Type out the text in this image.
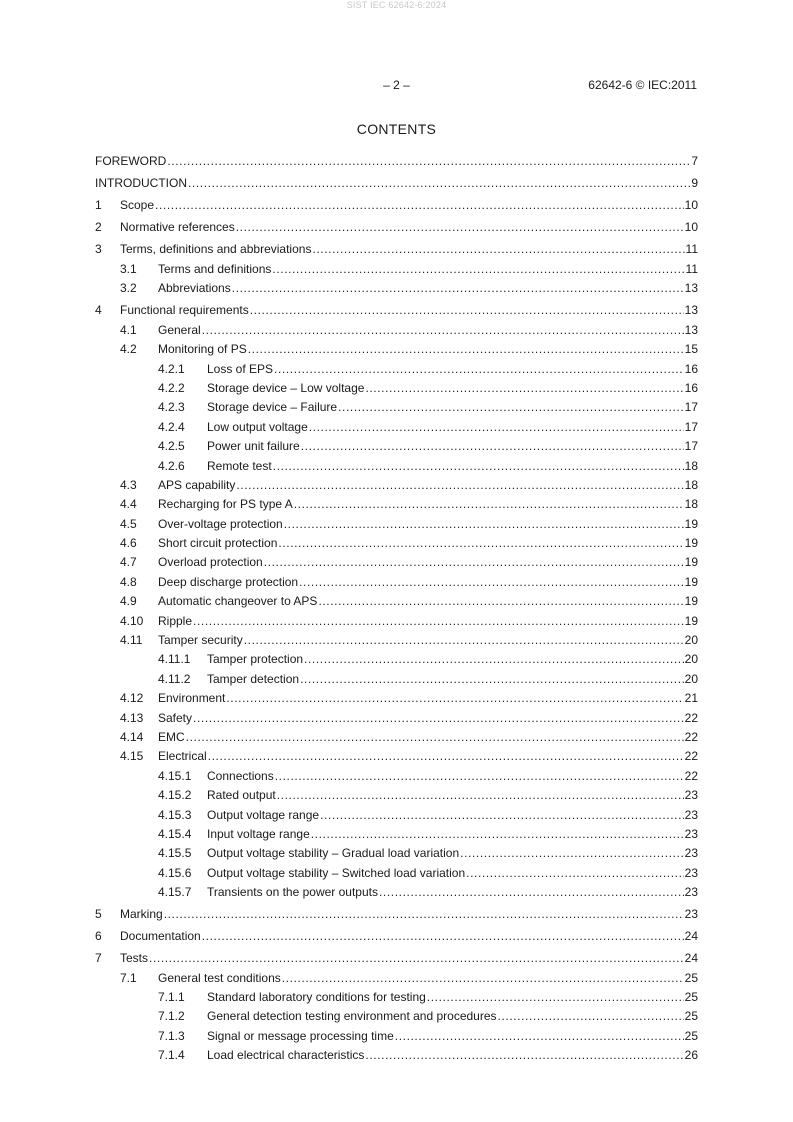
SIST IEC 62642-6:2024
– 2 –	62642-6 © IEC:2011
CONTENTS
FOREWORD .....	7
INTRODUCTION .....	9
1 Scope .....	10
2 Normative references .....	10
3 Terms, definitions and abbreviations .....	11
3.1 Terms and definitions .....	11
3.2 Abbreviations .....	13
4 Functional requirements .....	13
4.1 General .....	13
4.2 Monitoring of PS .....	15
4.2.1 Loss of EPS .....	16
4.2.2 Storage device – Low voltage .....	16
4.2.3 Storage device – Failure .....	17
4.2.4 Low output voltage .....	17
4.2.5 Power unit failure .....	17
4.2.6 Remote test .....	18
4.3 APS capability .....	18
4.4 Recharging for PS type A .....	18
4.5 Over-voltage protection .....	19
4.6 Short circuit protection .....	19
4.7 Overload protection .....	19
4.8 Deep discharge protection .....	19
4.9 Automatic changeover to APS .....	19
4.10 Ripple .....	19
4.11 Tamper security .....	20
4.11.1 Tamper protection .....	20
4.11.2 Tamper detection .....	20
4.12 Environment .....	21
4.13 Safety .....	22
4.14 EMC .....	22
4.15 Electrical .....	22
4.15.1 Connections .....	22
4.15.2 Rated output .....	23
4.15.3 Output voltage range .....	23
4.15.4 Input voltage range .....	23
4.15.5 Output voltage stability – Gradual load variation .....	23
4.15.6 Output voltage stability – Switched load variation .....	23
4.15.7 Transients on the power outputs .....	23
5 Marking .....	23
6 Documentation .....	24
7 Tests .....	24
7.1 General test conditions .....	25
7.1.1 Standard laboratory conditions for testing .....	25
7.1.2 General detection testing environment and procedures .....	25
7.1.3 Signal or message processing time .....	25
7.1.4 Load electrical characteristics .....	26
